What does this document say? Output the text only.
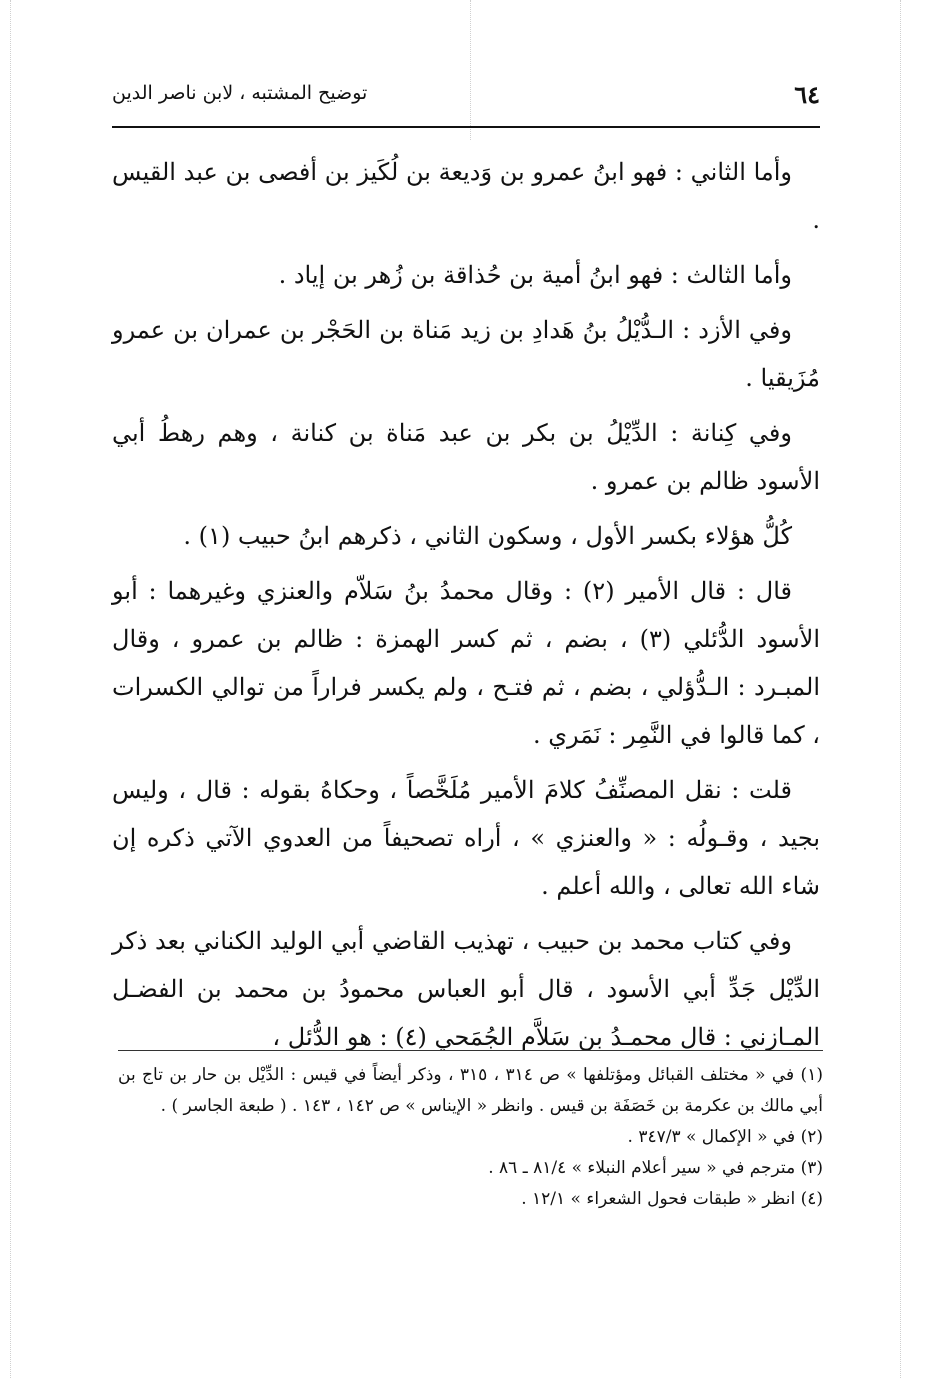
٦٤
توضيح المشتبه ، لابن ناصر الدين

وأما الثاني : فهو ابنُ عمرو بن وَديعة بن لُكَيز بن أفصى بن عبد القيس .

وأما الثالث : فهو ابنُ أمية بن حُذاقة بن زُهر بن إياد .

وفي الأزد : الـدُّيْلُ بنُ هَدادِ بن زيد مَناة بن الحَجْر بن عمران بن عمرو مُزَيقيا .

وفي كِنانة : الدِّيْلُ بن بكر بن عبد مَناة بن كنانة ، وهم رهطُ أبي الأسود ظالم بن عمرو .

كُلُّ هؤلاء بكسر الأول ، وسكون الثاني ، ذكرهم ابنُ حبيب (١) .

قال : قال الأمير (٢) : وقال محمدُ بنُ سَلاّم والعنزي وغيرهما : أبو الأسود الدُّئلي (٣) ، بضم ، ثم كسر الهمزة : ظالم بن عمرو ، وقال المبـرد : الـدُّؤلي ، بضم ، ثم فتـح ، ولم يكسر فراراً من توالي الكسرات ، كما قالوا في النَّمِر : نَمَري .

قلت : نقل المصنِّفُ كلامَ الأمير مُلَخَّصاً ، وحكاهُ بقوله : قال ، وليس بجيد ، وقـولُه : « والعنزي » ، أراه تصحيفاً من العدوي الآتي ذكره إن شاء الله تعالى ، والله أعلم .

وفي كتاب محمد بن حبيب ، تهذيب القاضي أبي الوليد الكناني بعد ذكر الدِّيْل جَدِّ أبي الأسود ، قال أبو العباس محمودُ بن محمد بن الفضـل المـازني : قال محمـدُ بن سَلاَّم الجُمَحي (٤) : هو الدُّئل ،

(١) في « مختلف القبائل ومؤتلفها » ص ٣١٤ ، ٣١٥ ، وذكر أيضاً في قيس : الدِّيْل بن حار بن تاج بن أبي مالك بن عكرمة بن خَصَفَة بن قيس . وانظر « الإيناس » ص ١٤٢ ، ١٤٣ . ( طبعة الجاسر ) .

(٢) في « الإكمال » ٣٤٧/٣ .

(٣) مترجم في « سير أعلام النبلاء » ٨١/٤ ـ ٨٦ .

(٤) انظر « طبقات فحول الشعراء » ١٢/١ .
